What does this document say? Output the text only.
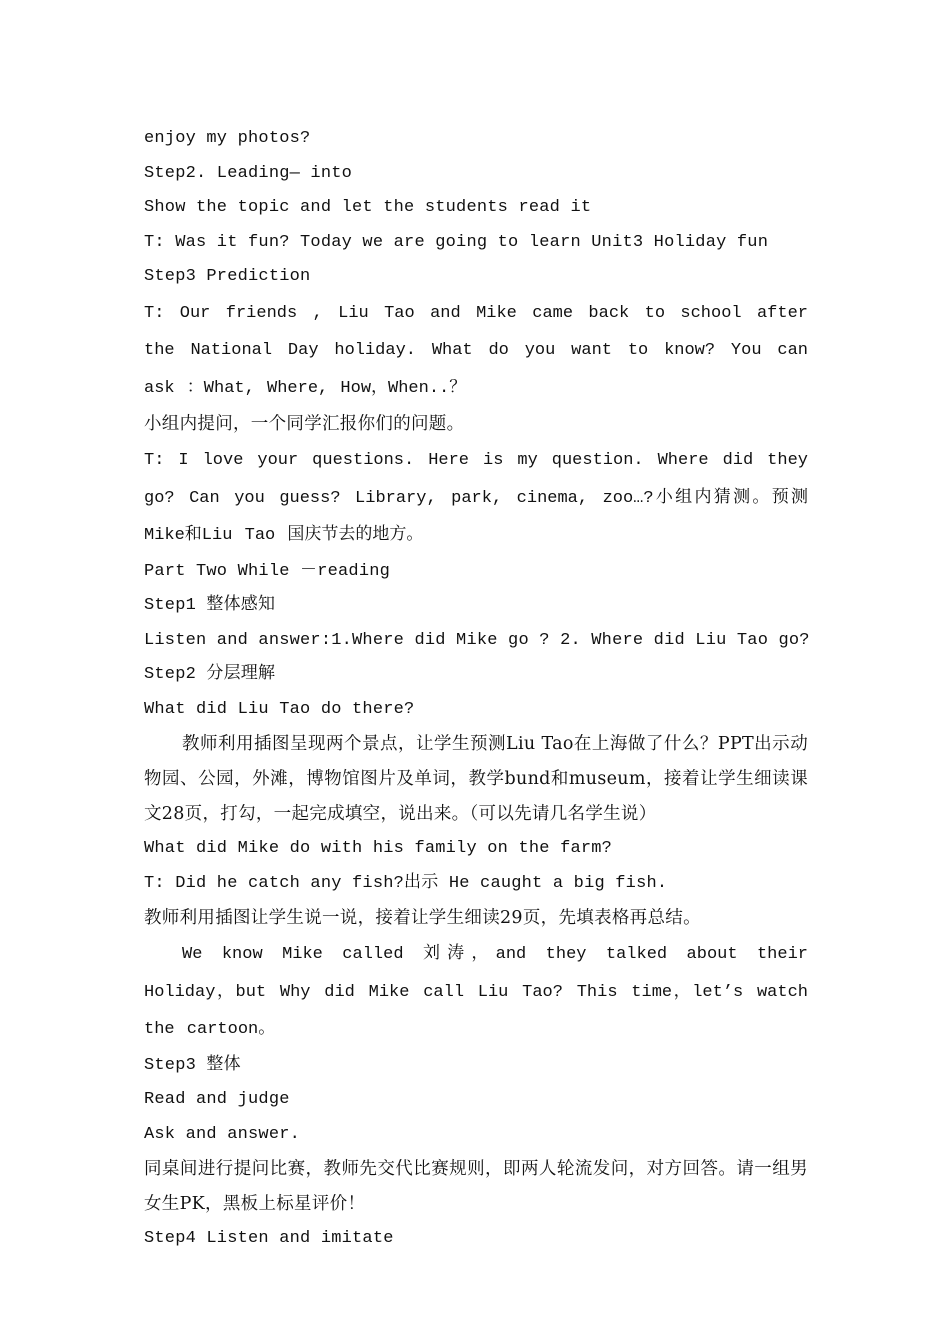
enjoy my photos?
Step2. Leading— into
Show the topic and let the students read it
T: Was it fun? Today we are going to learn Unit3 Holiday fun
Step3 Prediction

T: Our friends , Liu Tao and Mike came back to school after the National Day holiday. What do you want to know? You can ask ：What, Where, How，When..？

小组内提问，一个同学汇报你们的问题。

T: I love your questions. Here is my question. Where did they go? Can you guess? Library, park, cinema, zoo…?小组内猜测。预测Mike和Liu Tao 国庆节去的地方。

Part Two While －reading
Step1 整体感知
Listen and answer:1.Where did Mike go ? 2. Where did Liu Tao go?
Step2 分层理解
What did Liu Tao do there?

教师利用插图呈现两个景点，让学生预测Liu Tao在上海做了什么？PPT出示动物园、公园，外滩，博物馆图片及单词，教学bund和museum，接着让学生细读课文28页，打勾，一起完成填空，说出来。（可以先请几名学生说）

What did Mike do with his family on the farm?
T: Did he catch any fish?出示 He caught a big fish.

教师利用插图让学生说一说，接着让学生细读29页，先填表格再总结。

We know Mike called 刘涛，and they talked about their Holiday，but Why did Mike call Liu Tao? This time，let’s watch the cartoon。

Step3 整体
Read and judge
Ask and answer.

同桌间进行提问比赛，教师先交代比赛规则，即两人轮流发问，对方回答。请一组男女生PK，黑板上标星评价！

Step4 Listen and imitate
